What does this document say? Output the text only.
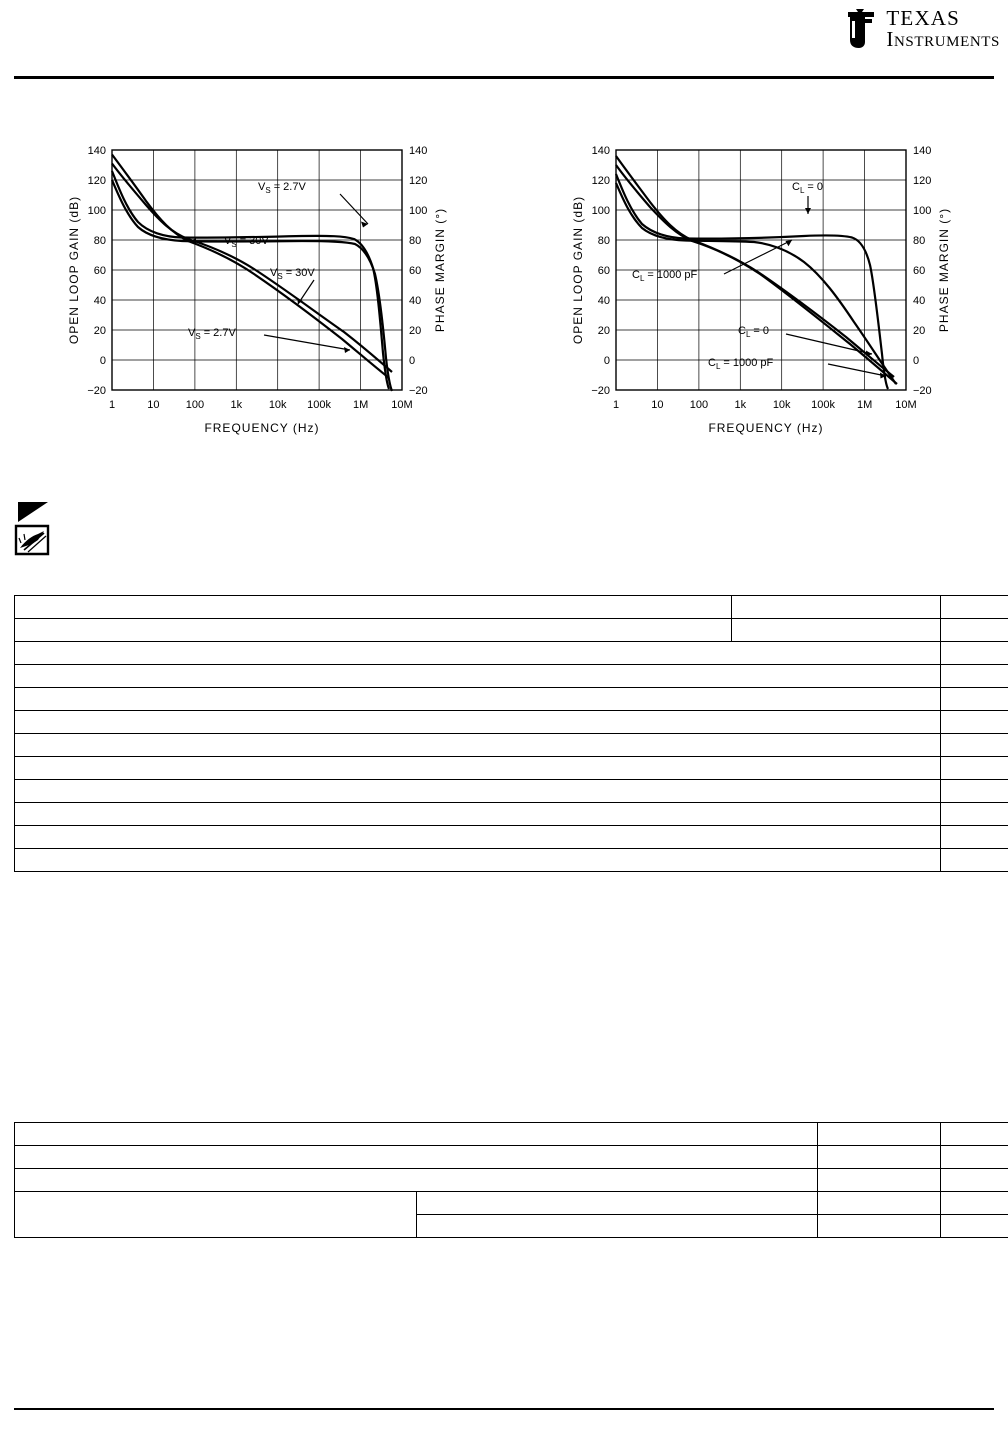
TEXAS
INSTRUMENTS
140
120
100
80
60
40
20
0
−20
140
120
100
80
60
40
20
0
−20
1	10 100 1k 10k 100k 1M 10M
FREQUENCY (Hz)
OPEN LOOP GAIN (dB)	PHASE MARGIN (°)
$V_S = 2.7V$
$V_S = 30V$
$V_S = 30V$
$V_S = 2.7V$
140
120
100
80
60
40
20
0
−20
140
120
100
80
60
40
20
0
−20
1	10 100 1k 10k 100k 1M 10M
FREQUENCY (Hz)
OPEN LOOP GAIN (dB)	PHASE MARGIN (°)
$C_L = 0$
$C_L = 1000$ pF
$C_L = 0$
$C_L = 1000$ pF
